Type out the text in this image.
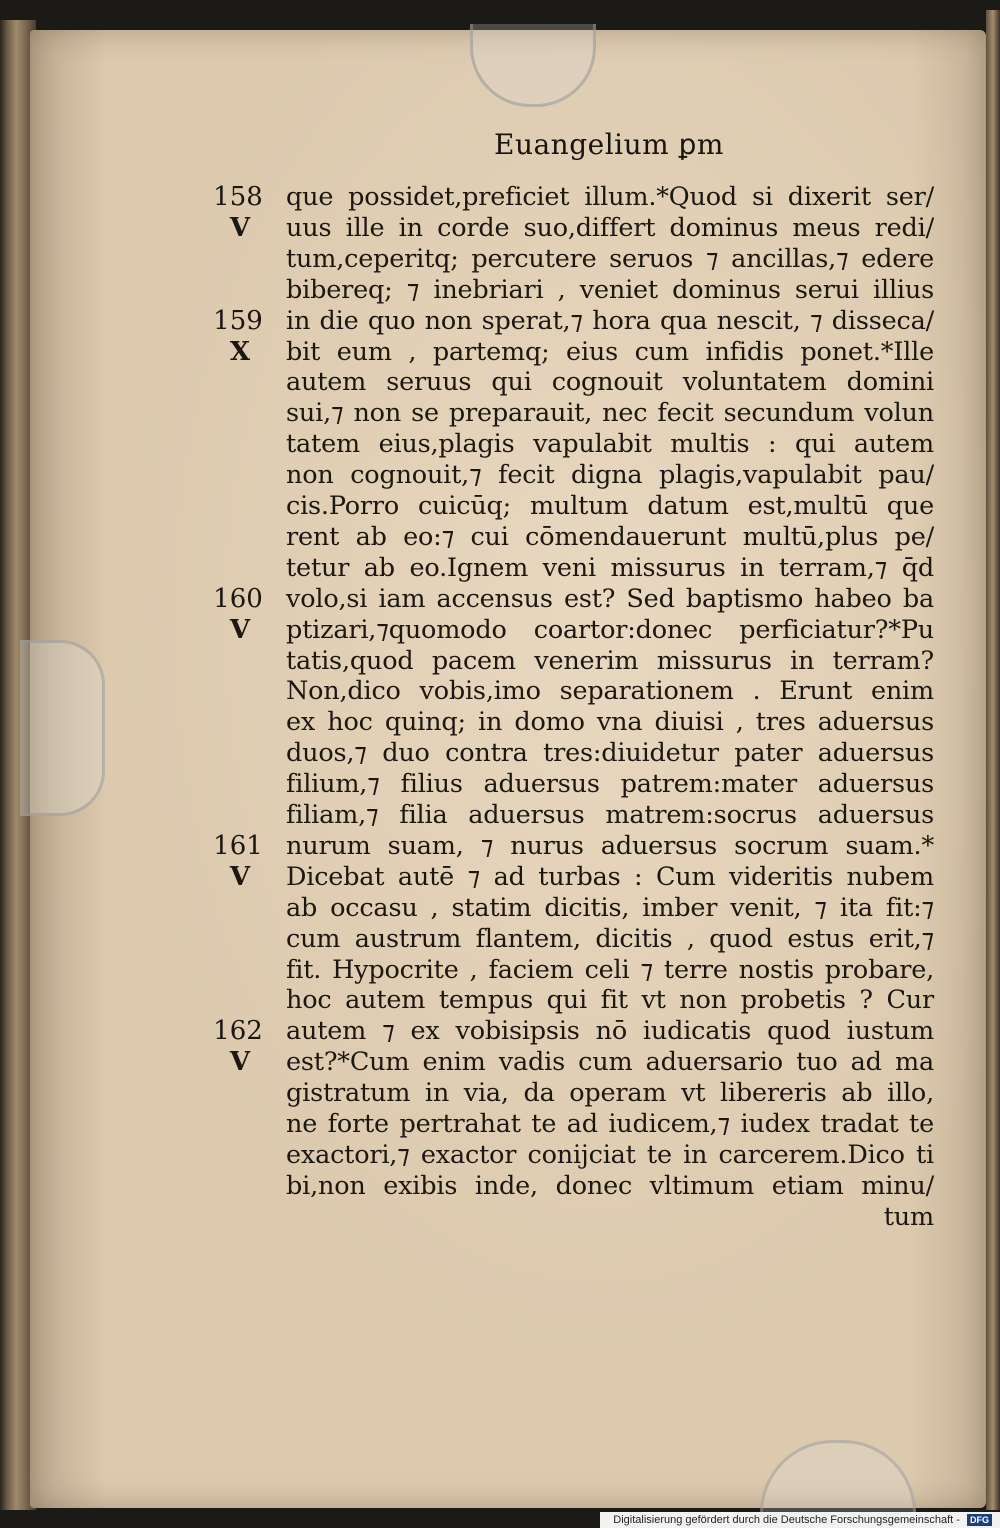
Euangelium ꝑm
que possidet,preficiet illum.*Quod si dixerit ser/
uus ille in corde suo,differt dominus meus redi/
tum,ceperitq; percutere seruos ⁊ ancillas,⁊ edere
bibereq; ⁊ inebriari , veniet dominus serui illius
in die quo non sperat,⁊ hora qua nescit, ⁊ disseca/
bit eum , partemq; eius cum infidis ponet.*Ille
autem seruus qui cognouit voluntatem domini
sui,⁊ non se preparauit, nec fecit secundum volun
tatem eius,plagis vapulabit multis : qui autem
non cognouit,⁊ fecit digna plagis,vapulabit pau/
cis.Porro cuicūq; multum datum est,multū que
rent ab eo:⁊ cui cōmendauerunt multū,plus pe/
tetur ab eo.Ignem veni missurus in terram,⁊ q̄d
volo,si iam accensus est? Sed baptismo habeo ba
ptizari,⁊quomodo coartor:donec perficiatur?*Pu
tatis,quod pacem venerim missurus in terram?
Non,dico vobis,imo separationem . Erunt enim
ex hoc quinq; in domo vna diuisi , tres aduersus
duos,⁊ duo contra tres:diuidetur pater aduersus
filium,⁊ filius aduersus patrem:mater aduersus
filiam,⁊ filia aduersus matrem:socrus aduersus
nurum suam, ⁊ nurus aduersus socrum suam.*
Dicebat autē ⁊ ad turbas : Cum videritis nubem
ab occasu , statim dicitis, imber venit, ⁊ ita fit:⁊
cum austrum flantem, dicitis , quod estus erit,⁊
fit. Hypocrite , faciem celi ⁊ terre nostis probare,
hoc autem tempus qui fit vt non probetis ? Cur
autem ⁊ ex vobisipsis nō iudicatis quod iustum
est?*Cum enim vadis cum aduersario tuo ad ma
gistratum in via, da operam vt libereris ab illo,
ne forte pertrahat te ad iudicem,⁊ iudex tradat te
exactori,⁊ exactor conijciat te in carcerem.Dico ti
bi,non exibis inde, donec vltimum etiam minu/
tum
158
V
159
X
160
V
161
V
162
V
Digitalisierung gefördert durch die Deutsche Forschungsgemeinschaft - DFG
